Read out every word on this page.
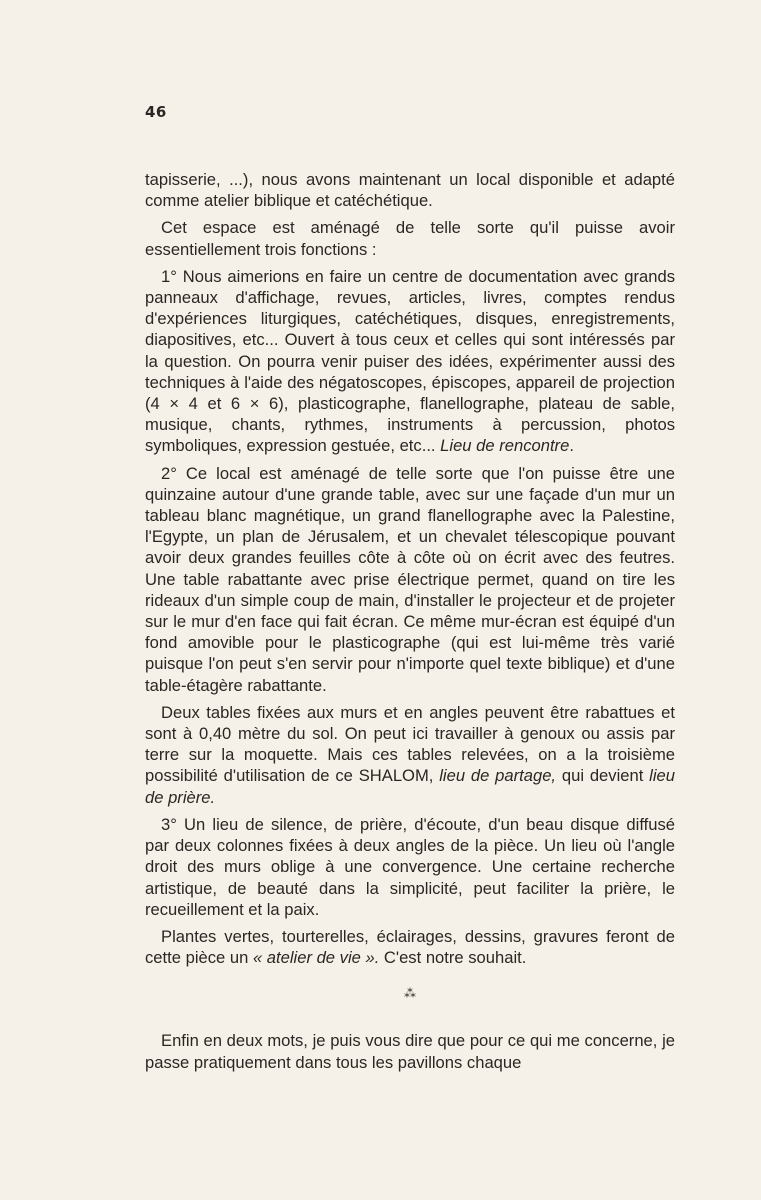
46

tapisserie, ...), nous avons maintenant un local disponible et adapté comme atelier biblique et catéchétique.

Cet espace est aménagé de telle sorte qu'il puisse avoir essentiellement trois fonctions :

1° Nous aimerions en faire un centre de documentation avec grands panneaux d'affichage, revues, articles, livres, comptes rendus d'expériences liturgiques, catéchétiques, disques, enregistrements, diapositives, etc... Ouvert à tous ceux et celles qui sont intéressés par la question. On pourra venir puiser des idées, expérimenter aussi des techniques à l'aide des négatoscopes, épiscopes, appareil de projection (4 × 4 et 6 × 6), plasticographe, flanellographe, plateau de sable, musique, chants, rythmes, instruments à percussion, photos symboliques, expression gestuée, etc... Lieu de rencontre.

2° Ce local est aménagé de telle sorte que l'on puisse être une quinzaine autour d'une grande table, avec sur une façade d'un mur un tableau blanc magnétique, un grand flanellographe avec la Palestine, l'Egypte, un plan de Jérusalem, et un chevalet télescopique pouvant avoir deux grandes feuilles côte à côte où on écrit avec des feutres. Une table rabattante avec prise électrique permet, quand on tire les rideaux d'un simple coup de main, d'installer le projecteur et de projeter sur le mur d'en face qui fait écran. Ce même mur-écran est équipé d'un fond amovible pour le plasticographe (qui est lui-même très varié puisque l'on peut s'en servir pour n'importe quel texte biblique) et d'une table-étagère rabattante.

Deux tables fixées aux murs et en angles peuvent être rabattues et sont à 0,40 mètre du sol. On peut ici travailler à genoux ou assis par terre sur la moquette. Mais ces tables relevées, on a la troisième possibilité d'utilisation de ce SHALOM, lieu de partage, qui devient lieu de prière.

3° Un lieu de silence, de prière, d'écoute, d'un beau disque diffusé par deux colonnes fixées à deux angles de la pièce. Un lieu où l'angle droit des murs oblige à une convergence. Une certaine recherche artistique, de beauté dans la simplicité, peut faciliter la prière, le recueillement et la paix.

Plantes vertes, tourterelles, éclairages, dessins, gravures feront de cette pièce un « atelier de vie ». C'est notre souhait.

⁂

Enfin en deux mots, je puis vous dire que pour ce qui me concerne, je passe pratiquement dans tous les pavillons chaque
